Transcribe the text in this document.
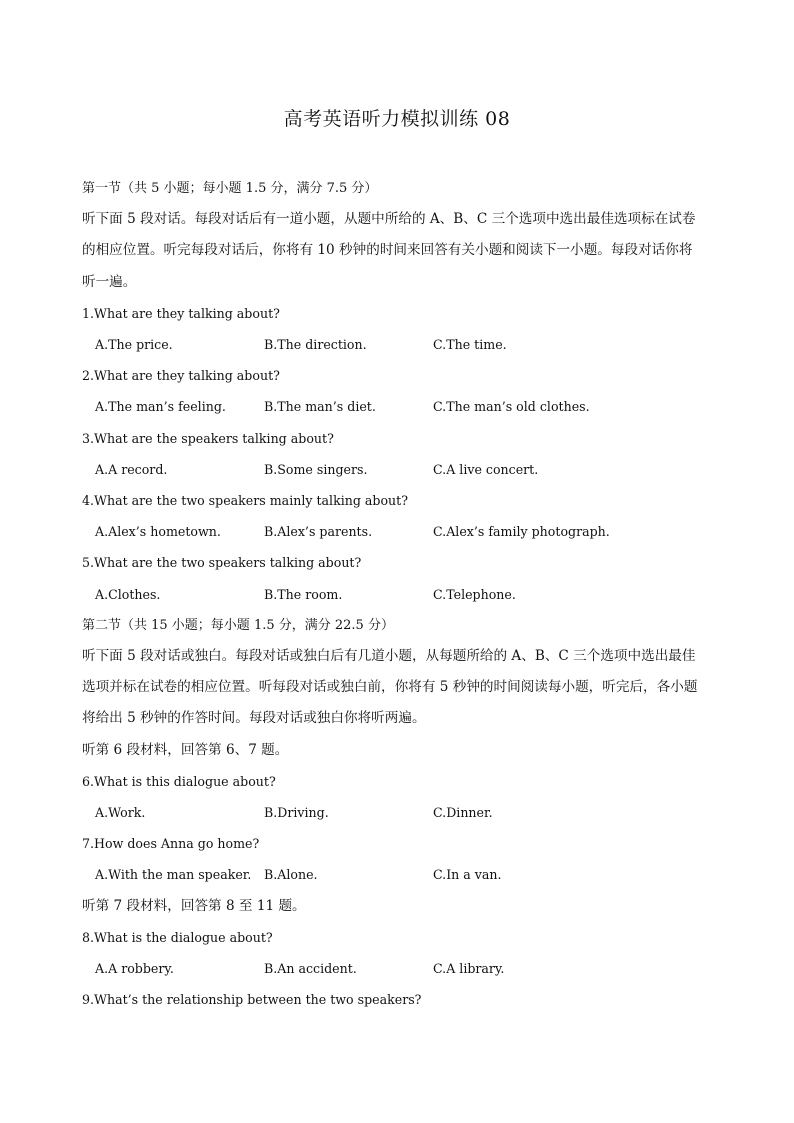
高考英语听力模拟训练 08
第一节（共 5 小题；每小题 1.5 分，满分 7.5 分）
听下面 5 段对话。每段对话后有一道小题，从题中所给的 A、B、C 三个选项中选出最佳选项标在试卷
的相应位置。听完每段对话后，你将有 10 秒钟的时间来回答有关小题和阅读下一小题。每段对话你将
听一遍。
1.What are they talking about?
A.The price.	B.The direction.	C.The time.
2.What are they talking about?
A.The man’s feeling.	B.The man’s diet.	C.The man’s old clothes.
3.What are the speakers talking about?
A.A record.	B.Some singers.	C.A live concert.
4.What are the two speakers mainly talking about?
A.Alex’s hometown.	B.Alex’s parents.	C.Alex’s family photograph.
5.What are the two speakers talking about?
A.Clothes.	B.The room.	C.Telephone.
第二节（共 15 小题；每小题 1.5 分，满分 22.5 分）
听下面 5 段对话或独白。每段对话或独白后有几道小题，从每题所给的 A、B、C 三个选项中选出最佳
选项并标在试卷的相应位置。听每段对话或独白前，你将有 5 秒钟的时间阅读每小题，听完后，各小题
将给出 5 秒钟的作答时间。每段对话或独白你将听两遍。
听第 6 段材料，回答第 6、7 题。
6.What is this dialogue about?
A.Work.	B.Driving.	C.Dinner.
7.How does Anna go home?
A.With the man speaker. B.Alone.	C.In a van.
听第 7 段材料，回答第 8 至 11 题。
8.What is the dialogue about?
A.A robbery.	B.An accident.	C.A library.
9.What’s the relationship between the two speakers?
